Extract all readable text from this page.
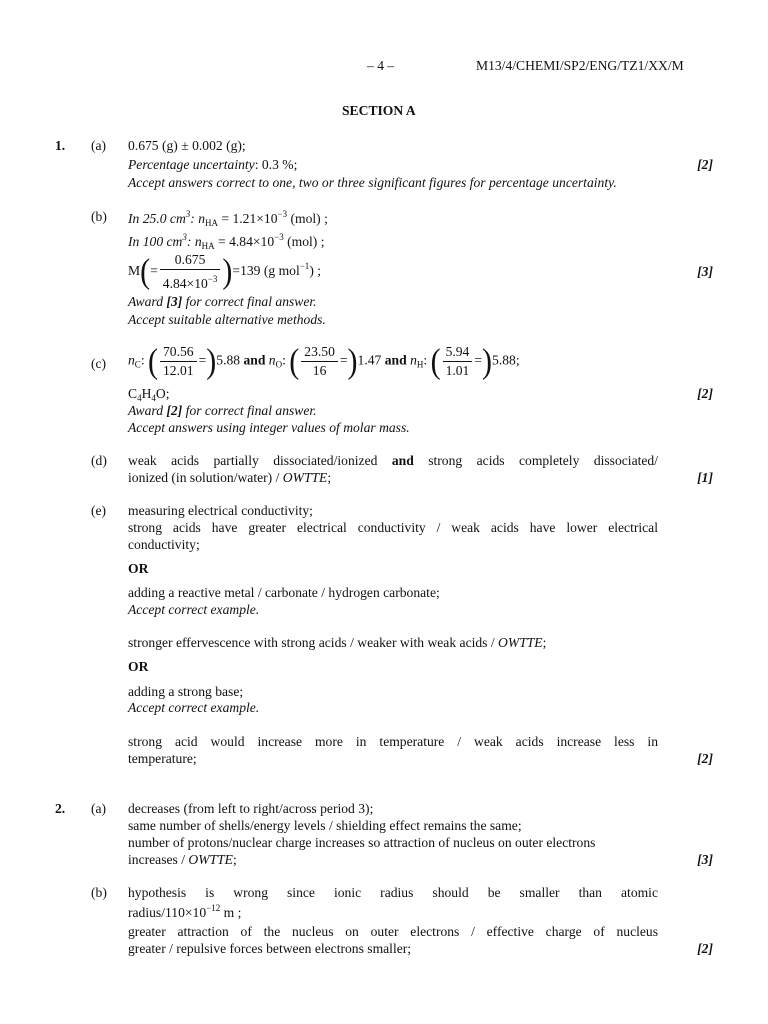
– 4 –	M13/4/CHEMI/SP2/ENG/TZ1/XX/M
SECTION A
1. (a) 0.675 (g) ± 0.002 (g);
Percentage uncertainty: 0.3 %;
Accept answers correct to one, two or three significant figures for percentage uncertainty.
[2]
(b) In 25.0 $cm^3$: $n_{HA} = 1.21\times 10^{-3}$ (mol) ;
In 100 $cm^3$: $n_{HA} = 4.84\times 10^{-3}$ (mol) ;
$M(= \frac{0.675}{4.84\times 10^{-3}} )=139$ (g mol$^{-1}$) ;	[3]
Award [3] for correct final answer.
Accept suitable alternative methods.
(c) $n_C$: ( $\frac{70.56}{12.01} =)5.88$ and $n_O$: ( $\frac{23.50}{16} =)1.47$ and $n_H$: ( $\frac{5.94}{1.01} =)5.88$;
$C_4H_4O$;	[2]
Award [2] for correct final answer.
Accept answers using integer values of molar mass.
(d) weak acids partially dissociated/ionized and strong acids completely dissociated/
ionized (in solution/water) / OWTTE;	[1]
(e) measuring electrical conductivity;
strong acids have greater electrical conductivity / weak acids have lower electrical
conductivity;
OR
adding a reactive metal / carbonate / hydrogen carbonate;
Accept correct example.
stronger effervescence with strong acids / weaker with weak acids / OWTTE;
OR
adding a strong base;
Accept correct example.
strong acid would increase more in temperature / weak acids increase less in
temperature;	[2]
2. (a) decreases (from left to right/across period 3);
same number of shells/energy levels / shielding effect remains the same;
number of protons/nuclear charge increases so attraction of nucleus on outer electrons
increases / OWTTE;	[3]
(b) hypothesis is wrong since ionic radius should be smaller than atomic
radius/$110\times 10^{-12}$ m ;
greater attraction of the nucleus on outer electrons / effective charge of nucleus
greater / repulsive forces between electrons smaller;	[2]
